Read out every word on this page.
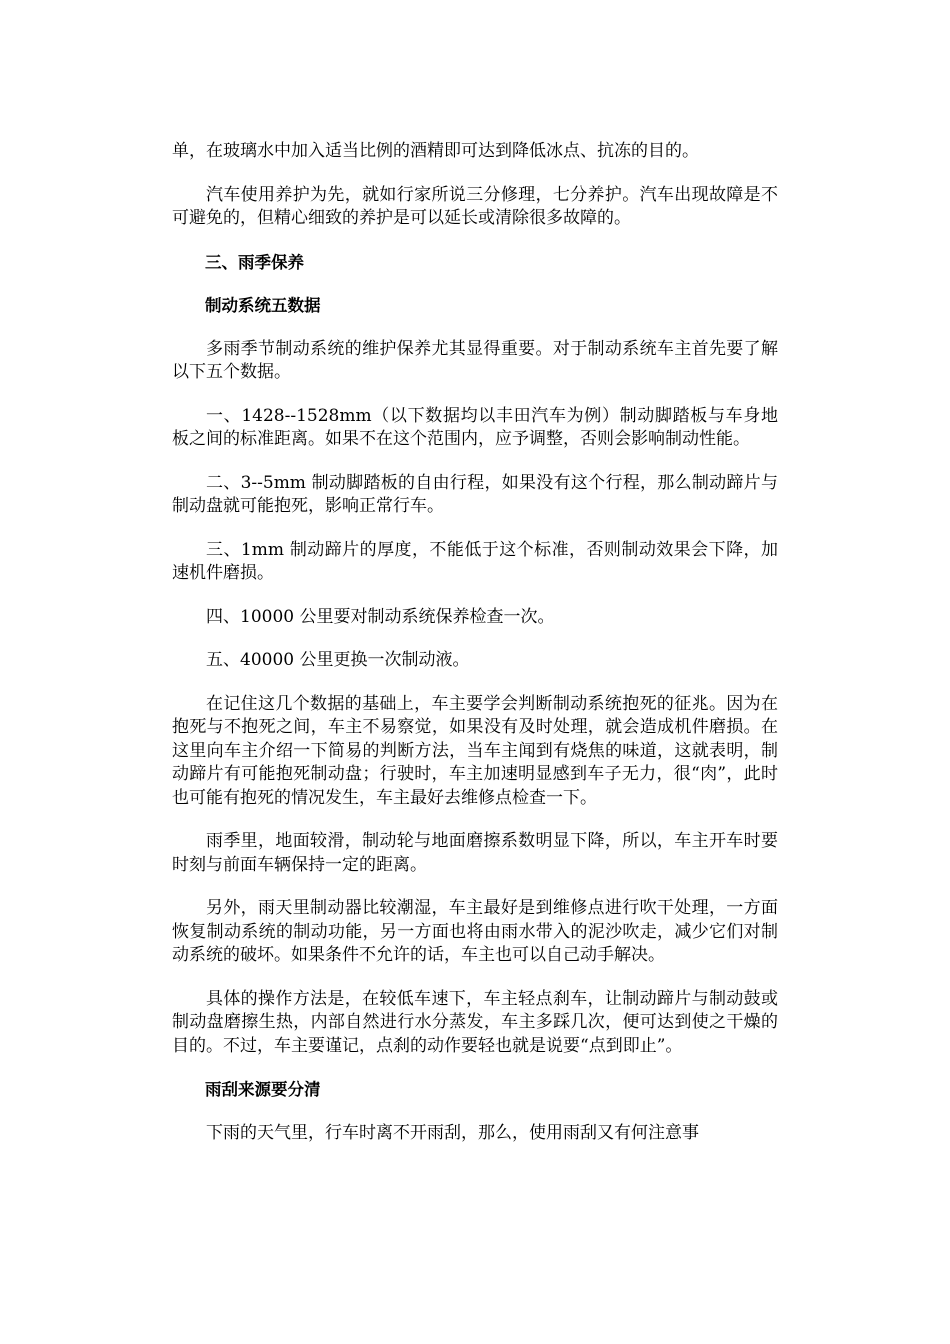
单，在玻璃水中加入适当比例的酒精即可达到降低冰点、抗冻的目的。

汽车使用养护为先，就如行家所说三分修理，七分养护。汽车出现故障是不可避免的，但精心细致的养护是可以延长或清除很多故障的。

三、雨季保养

制动系统五数据

多雨季节制动系统的维护保养尤其显得重要。对于制动系统车主首先要了解以下五个数据。

一、1428--1528mm（以下数据均以丰田汽车为例）制动脚踏板与车身地板之间的标准距离。如果不在这个范围内，应予调整，否则会影响制动性能。

二、3--5mm 制动脚踏板的自由行程，如果没有这个行程，那么制动蹄片与制动盘就可能抱死，影响正常行车。

三、1mm 制动蹄片的厚度，不能低于这个标准，否则制动效果会下降，加速机件磨损。

四、10000 公里要对制动系统保养检查一次。

五、40000 公里更换一次制动液。

在记住这几个数据的基础上，车主要学会判断制动系统抱死的征兆。因为在抱死与不抱死之间，车主不易察觉，如果没有及时处理，就会造成机件磨损。在这里向车主介绍一下简易的判断方法，当车主闻到有烧焦的味道，这就表明，制动蹄片有可能抱死制动盘；行驶时，车主加速明显感到车子无力，很“肉”，此时也可能有抱死的情况发生，车主最好去维修点检查一下。

雨季里，地面较滑，制动轮与地面磨擦系数明显下降，所以，车主开车时要时刻与前面车辆保持一定的距离。

另外，雨天里制动器比较潮湿，车主最好是到维修点进行吹干处理，一方面恢复制动系统的制动功能，另一方面也将由雨水带入的泥沙吹走，减少它们对制动系统的破坏。如果条件不允许的话，车主也可以自己动手解决。

具体的操作方法是，在较低车速下，车主轻点刹车，让制动蹄片与制动鼓或制动盘磨擦生热，内部自然进行水分蒸发，车主多踩几次，便可达到使之干燥的目的。不过，车主要谨记，点刹的动作要轻也就是说要“点到即止”。

雨刮来源要分清

下雨的天气里，行车时离不开雨刮，那么，使用雨刮又有何注意事
